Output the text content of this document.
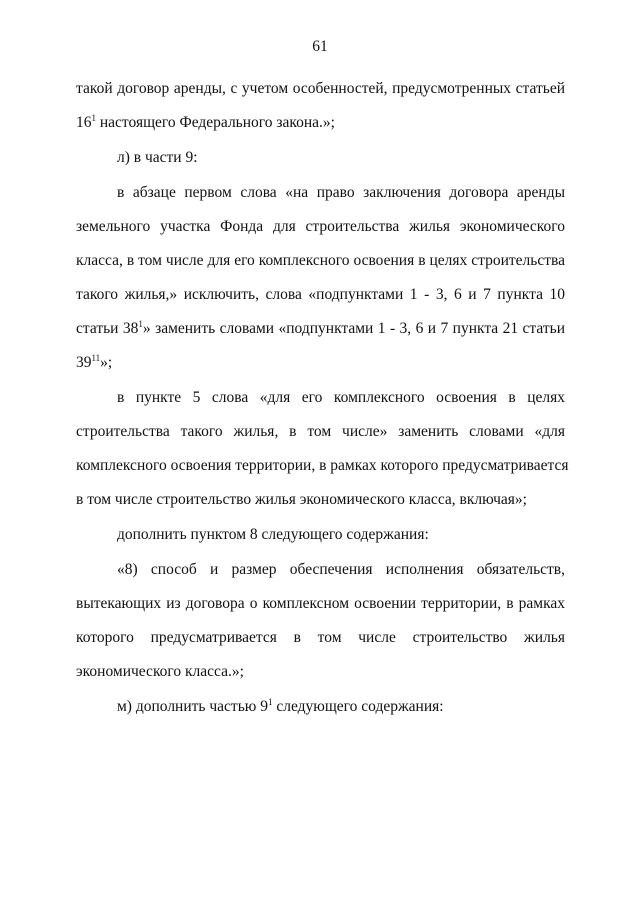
61
такой договор аренды, с учетом особенностей, предусмотренных статьей
$16^1$ настоящего Федерального закона.»;
л) в части 9:
в абзаце первом слова «на право заключения договора аренды
земельного участка Фонда для строительства жилья экономического
класса, в том числе для его комплексного освоения в целях строительства
такого жилья,» исключить, слова «подпунктами 1 - 3, 6 и 7 пункта 10
статьи $38^1$» заменить словами «подпунктами 1 - 3, 6 и 7 пункта 21 статьи
$39^{11}$»;
в пункте 5 слова «для его комплексного освоения в целях
строительства такого жилья, в том числе» заменить словами «для
комплексного освоения территории, в рамках которого предусматривается
в том числе строительство жилья экономического класса, включая»;
дополнить пунктом 8 следующего содержания:
«8) способ и размер обеспечения исполнения обязательств,
вытекающих из договора о комплексном освоении территории, в рамках
которого предусматривается в том числе строительство жилья
экономического класса.»;
м) дополнить частью $9^1$ следующего содержания:
